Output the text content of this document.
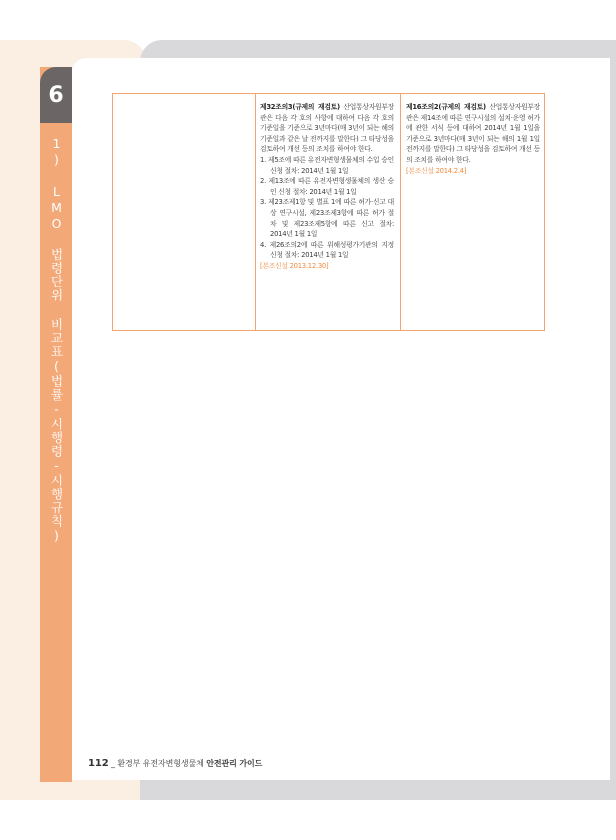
6
1) LMO 법령단위 비교표(법률-시행령-시행규칙)
제32조의3(규제의 재검토) 산업통상자원부장관은 다음 각 호의 사항에 대하여 다음 각 호의 기준일을 기준으로 3년마다(매 3년이 되는 해의 기준일과 같은 날 전까지를 말한다) 그 타당성을 검토하여 개선 등의 조치를 하여야 한다.
1. 제5조에 따른 유전자변형생물체의 수입 승인 신청 절차: 2014년 1월 1일
2. 제13조에 따른 유전자변형생물체의 생산 승인 신청 절차: 2014년 1월 1일
3. 제23조제1항 및 별표 1에 따른 허가·신고 대상 연구시설, 제23조제3항에 따른 허가 절차 및 제23조제5항에 따른 신고 절차: 2014년 1월 1일
4. 제26조의2에 따른 위해성평가기관의 지정 신청 절차: 2014년 1월 1일
[본조신설 2013.12.30]
제16조의2(규제의 재검토) 산업통상자원부장관은 제14조에 따른 연구시설의 설치·운영 허가에 관한 서식 등에 대하여 2014년 1월 1일을 기준으로 3년마다(매 3년이 되는 해의 1월 1일 전까지를 말한다) 그 타당성을 검토하여 개선 등의 조치를 하여야 한다.
[본조신설 2014.2.4]
112 _ 환경부 유전자변형생물체 안전관리 가이드
